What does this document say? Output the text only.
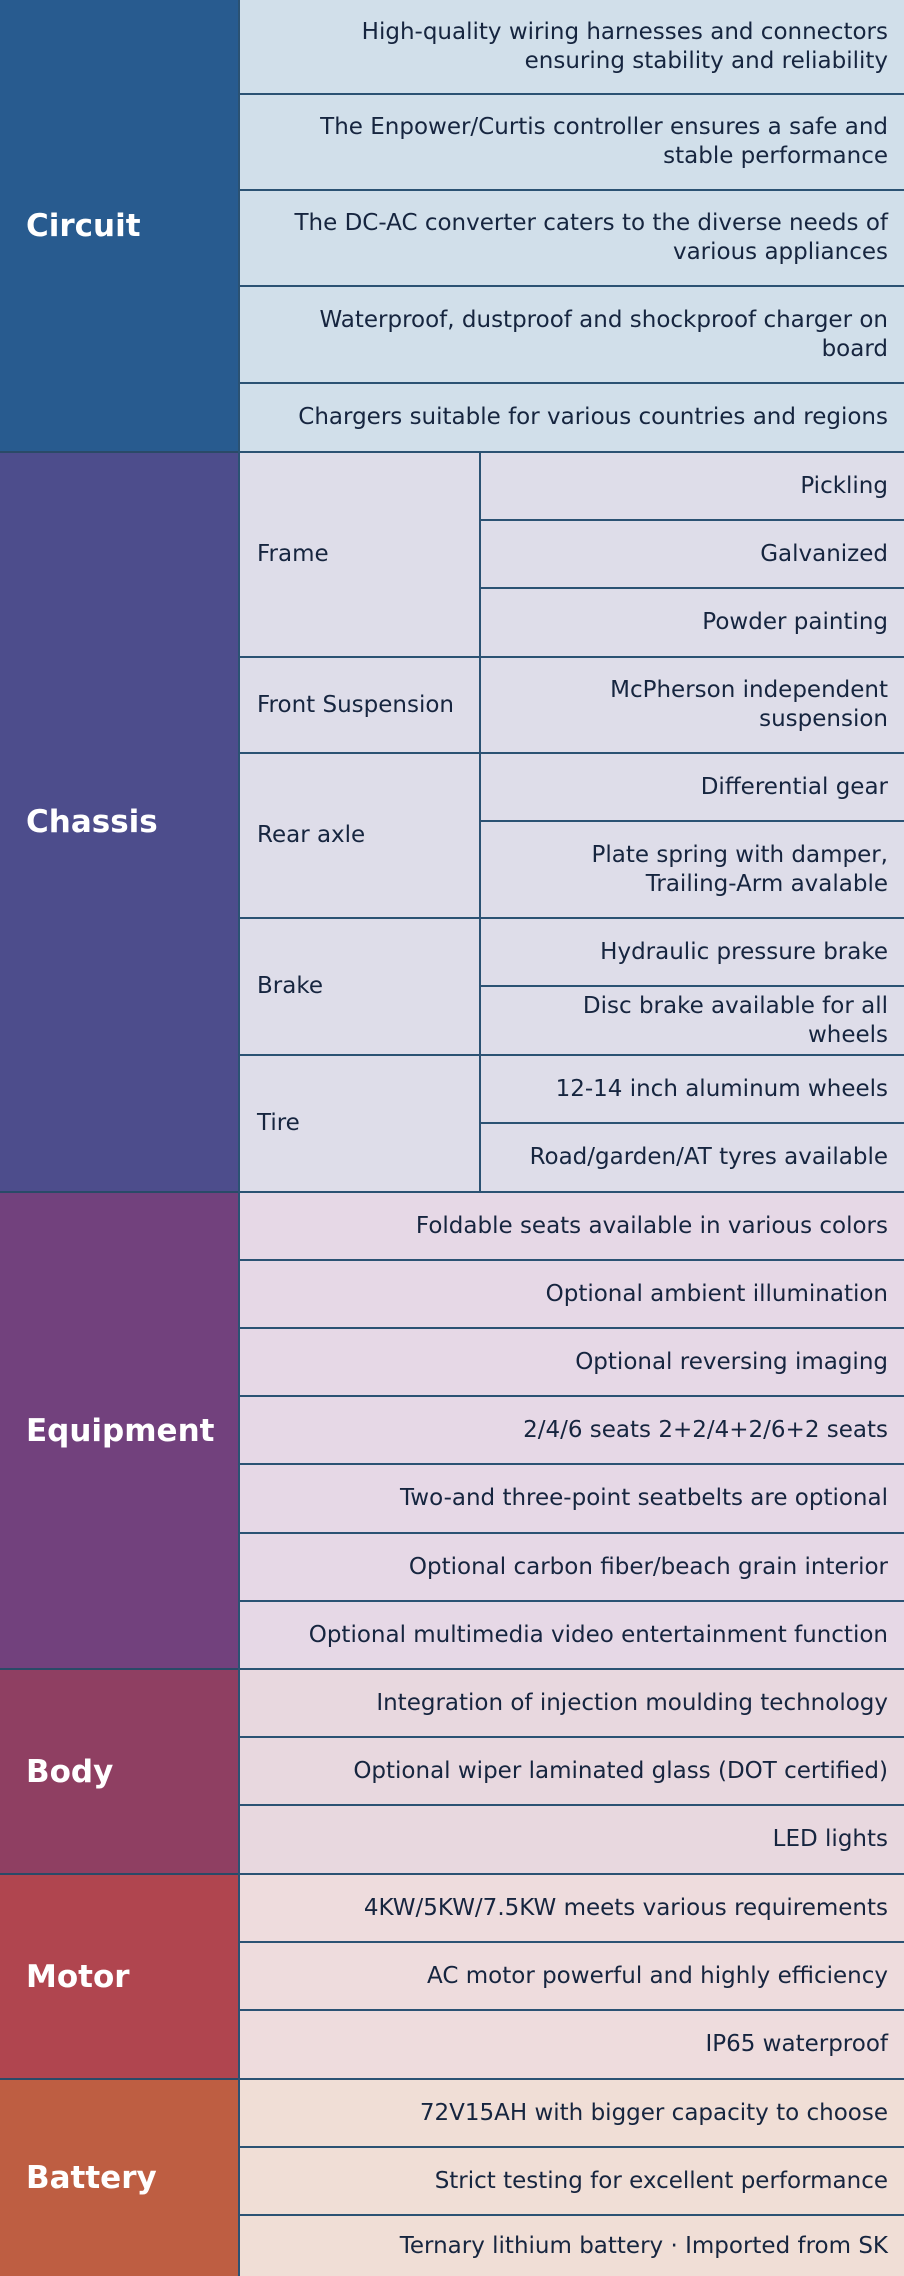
Circuit
High-quality wiring harnesses and connectors ensuring stability and reliability
The Enpower/Curtis controller ensures a safe and stable performance
The DC-AC converter caters to the diverse needs of various appliances
Waterproof, dustproof and shockproof charger on board
Chargers suitable for various countries and regions
Chassis
Frame
Pickling
Galvanized
Powder painting
Front Suspension
McPherson independent suspension
Rear axle
Differential gear
Plate spring with damper, Trailing-Arm avalable
Brake
Hydraulic pressure brake
Disc brake available for all wheels
Tire
12-14 inch aluminum wheels
Road/garden/AT tyres available
Equipment
Foldable seats available in various colors
Optional ambient illumination
Optional reversing imaging
2/4/6 seats 2+2/4+2/6+2 seats
Two-and three-point seatbelts are optional
Optional carbon fiber/beach grain interior
Optional multimedia video entertainment function
Body
Integration of injection moulding technology
Optional wiper laminated glass (DOT certified)
LED lights
Motor
4KW/5KW/7.5KW meets various requirements
AC motor powerful and highly efficiency
IP65 waterproof
Battery
72V15AH with bigger capacity to choose
Strict testing for excellent performance
Ternary lithium battery · Imported from SK
